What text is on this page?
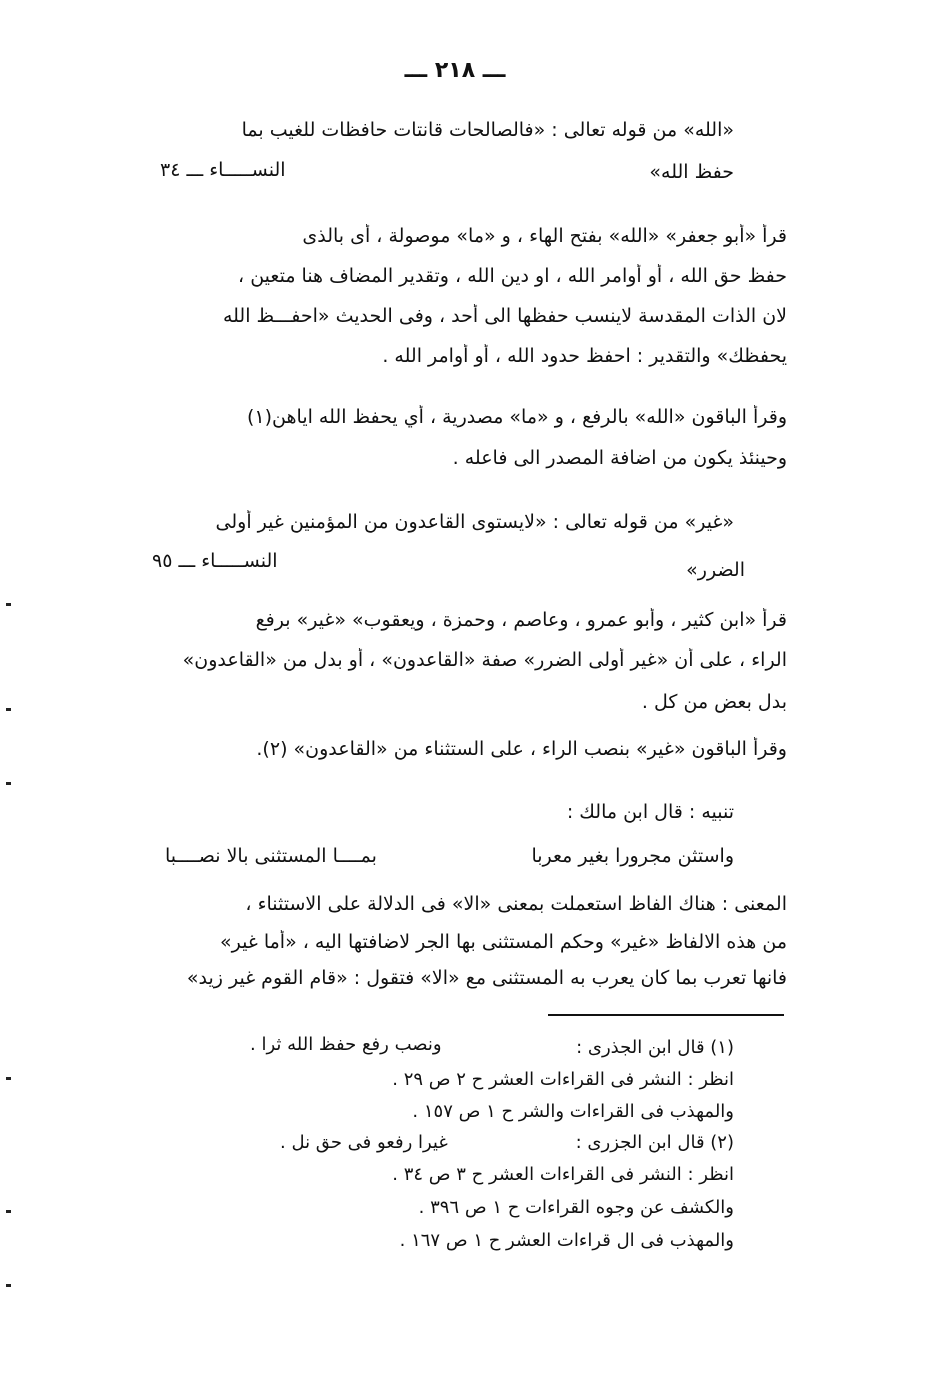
ـــ ٢١٨ ـــ
«الله» من قوله تعالى : «فالصالحات قانتات حافظات للغيب بما
حفظ الله»
النســـــاء ـــ ٣٤
قرأ «أبو جعفر» «الله» بفتح الهاء ، و «ما» موصولة ، أى بالذى
حفظ حق الله ، أو أوامر الله ، او دين الله ، وتقدير المضاف هنا متعين ،
لان الذات المقدسة لاينسب حفظها الى أحد ، وفى الحديث «احفـــظ الله
يحفظك» والتقدير : احفظ حدود الله ، أو أوامر الله .
وقرأ الباقون «الله» بالرفع ، و «ما» مصدرية ، أي يحفظ الله اياهن(١)
وحينئذ يكون من اضافة المصدر الى فاعله .
«غير» من قوله تعالى : «لايستوى القاعدون من المؤمنين غير أولى
الضرر»
النســـــاء ـــ ٩٥
قرأ «ابن كثير ، وأبو عمرو ، وعاصم ، وحمزة ، ويعقوب» «غير» برفع
الراء ، على أن «غير أولى الضرر» صفة «القاعدون» ، أو بدل من «القاعدون»
بدل بعض من كل .
وقرأ الباقون «غير» بنصب الراء ، على الستثناء من «القاعدون» (٢).
تنبيه : قال ابن مالك :
واستثن مجرورا بغير معربا
بمــــا المستثنى بالا نصــــبا
المعنى : هناك الفاظ استعملت بمعنى «الا» فى الدلالة على الاستثناء ،
من هذه الالفاظ «غير» وحكم المستثنى بها الجر لاضافتها اليه ، «أما غير»
فانها تعرب بما كان يعرب به المستثنى مع «الا» فتقول : «قام القوم غير زيد»
(١) قال ابن الجذرى :
ونصب رفع حفظ الله ثرا .
انظر : النشر فى القراءات العشر ح ٢ ص ٢٩ .
والمهذب فى القراءات والشر ح ١ ص ١٥٧ .
(٢) قال ابن الجزرى :
غيرا رفعو فى حق نل .
انظر : النشر فى القراءات العشر ح ٣ ص ٣٤ .
والكشف عن وجوه القراءات ح ١ ص ٣٩٦ .
والمهذب فى ال قراءات العشر ح ١ ص ١٦٧ .
